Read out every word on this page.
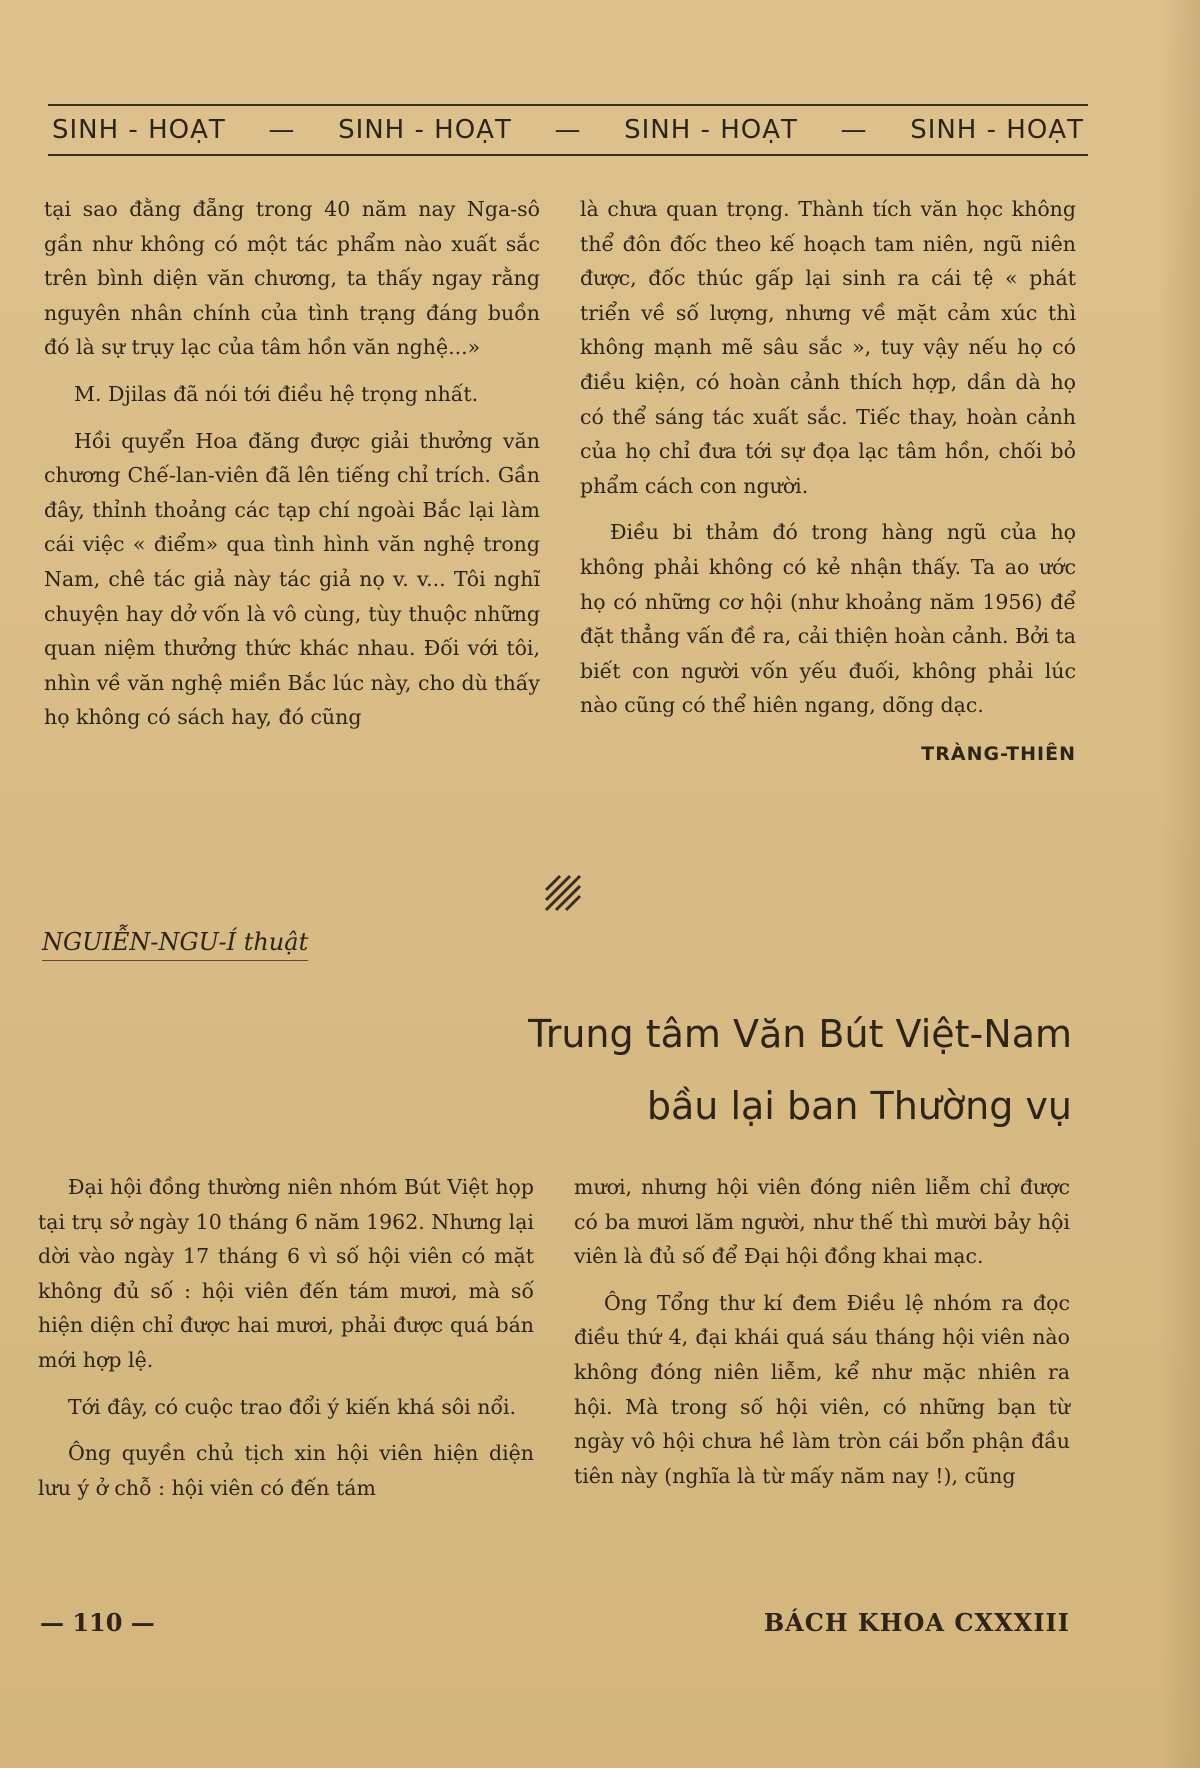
SINH - HOẠT — SINH - HOẠT — SINH - HOẠT — SINH - HOẠT

tại sao đằng đẵng trong 40 năm nay Nga-sô gần như không có một tác phẩm nào xuất sắc trên bình diện văn chương, ta thấy ngay rằng nguyên nhân chính của tình trạng đáng buồn đó là sự trụy lạc của tâm hồn văn nghệ...»

M. Djilas đã nói tới điều hệ trọng nhất.

Hồi quyển Hoa đăng được giải thưởng văn chương Chế-lan-viên đã lên tiếng chỉ trích. Gần đây, thỉnh thoảng các tạp chí ngoài Bắc lại làm cái việc « điểm» qua tình hình văn nghệ trong Nam, chê tác giả này tác giả nọ v. v... Tôi nghĩ chuyện hay dở vốn là vô cùng, tùy thuộc những quan niệm thưởng thức khác nhau. Đối với tôi, nhìn về văn nghệ miền Bắc lúc này, cho dù thấy họ không có sách hay, đó cũng

là chưa quan trọng. Thành tích văn học không thể đôn đốc theo kế hoạch tam niên, ngũ niên được, đốc thúc gấp lại sinh ra cái tệ « phát triển về số lượng, nhưng về mặt cảm xúc thì không mạnh mẽ sâu sắc », tuy vậy nếu họ có điều kiện, có hoàn cảnh thích hợp, dần dà họ có thể sáng tác xuất sắc. Tiếc thay, hoàn cảnh của họ chỉ đưa tới sự đọa lạc tâm hồn, chối bỏ phẩm cách con người.

Điều bi thảm đó trong hàng ngũ của họ không phải không có kẻ nhận thấy. Ta ao ước họ có những cơ hội (như khoảng năm 1956) để đặt thẳng vấn đề ra, cải thiện hoàn cảnh. Bởi ta biết con người vốn yếu đuối, không phải lúc nào cũng có thể hiên ngang, dõng dạc.

TRÀNG-THIÊN
NGUIỄN-NGU-Í thuật
Trung tâm Văn Bút Việt-Nam
bầu lại ban Thường vụ

Đại hội đồng thường niên nhóm Bút Việt họp tại trụ sở ngày 10 tháng 6 năm 1962. Nhưng lại dời vào ngày 17 tháng 6 vì số hội viên có mặt không đủ số : hội viên đến tám mươi, mà số hiện diện chỉ được hai mươi, phải được quá bán mới hợp lệ.

Tới đây, có cuộc trao đổi ý kiến khá sôi nổi.

Ông quyền chủ tịch xin hội viên hiện diện lưu ý ở chỗ : hội viên có đến tám

mươi, nhưng hội viên đóng niên liễm chỉ được có ba mươi lăm người, như thế thì mười bảy hội viên là đủ số để Đại hội đồng khai mạc.

Ông Tổng thư kí đem Điều lệ nhóm ra đọc điều thứ 4, đại khái quá sáu tháng hội viên nào không đóng niên liễm, kể như mặc nhiên ra hội. Mà trong số hội viên, có những bạn từ ngày vô hội chưa hề làm tròn cái bổn phận đầu tiên này (nghĩa là từ mấy năm nay !), cũng

— 110 —	BÁCH KHOA CXXXIII
